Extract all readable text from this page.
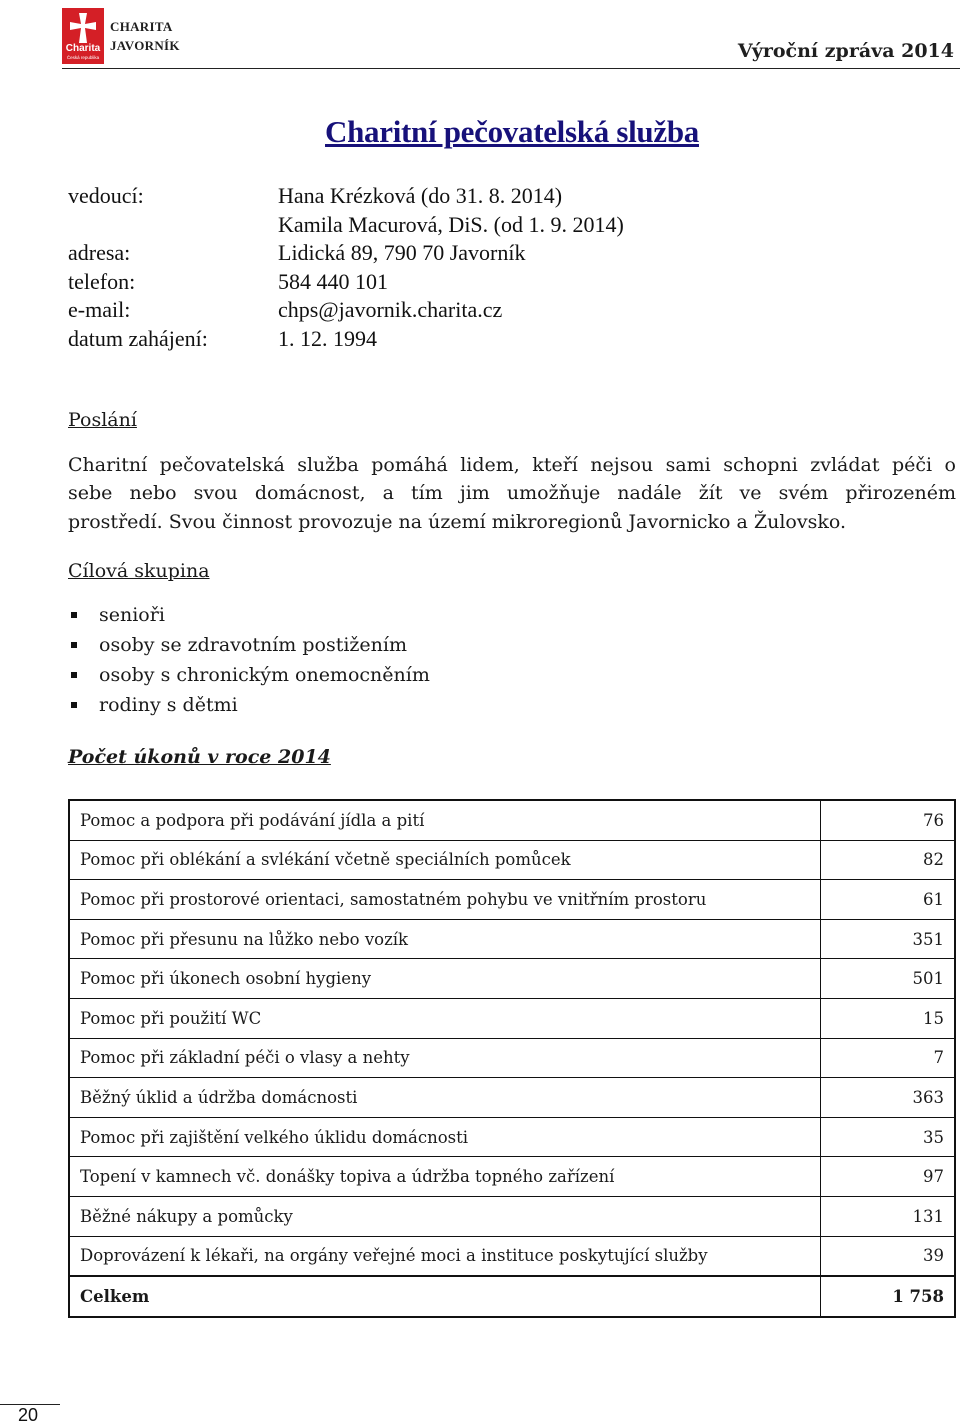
Charita
Česká republika
CHARITA
JAVORNÍK	Výroční zpráva 2014
Charitní pečovatelská služba
vedoucí:	Hana Krézková (do 31. 8. 2014)
Kamila Macurová, DiS. (od 1. 9. 2014)
adresa:	Lidická 89, 790 70 Javorník
telefon:	584 440 101
e-mail:	chps@javornik.charita.cz
datum zahájení:	1. 12. 1994
Poslání
Charitní pečovatelská služba pomáhá lidem, kteří nejsou sami schopni zvládat péči o
sebe nebo svou domácnost, a tím jim umožňuje nadále žít ve svém přirozeném
prostředí. Svou činnost provozuje na území mikroregionů Javornicko a Žulovsko.
Cílová skupina
senioři
osoby se zdravotním postižením
osoby s chronickým onemocněním
rodiny s dětmi
Počet úkonů v roce 2014
Pomoc a podpora při podávání jídla a pití	76
Pomoc při oblékání a svlékání včetně speciálních pomůcek	82
Pomoc při prostorové orientaci, samostatném pohybu ve vnitřním prostoru	61
Pomoc při přesunu na lůžko nebo vozík	351
Pomoc při úkonech osobní hygieny	501
Pomoc při použití WC	15
Pomoc při základní péči o vlasy a nehty	7
Běžný úklid a údržba domácnosti	363
Pomoc při zajištění velkého úklidu domácnosti	35
Topení v kamnech vč. donášky topiva a údržba topného zařízení	97
Běžné nákupy a pomůcky	131
Doprovázení k lékaři, na orgány veřejné moci a instituce poskytující služby	39
Celkem	1 758
20
